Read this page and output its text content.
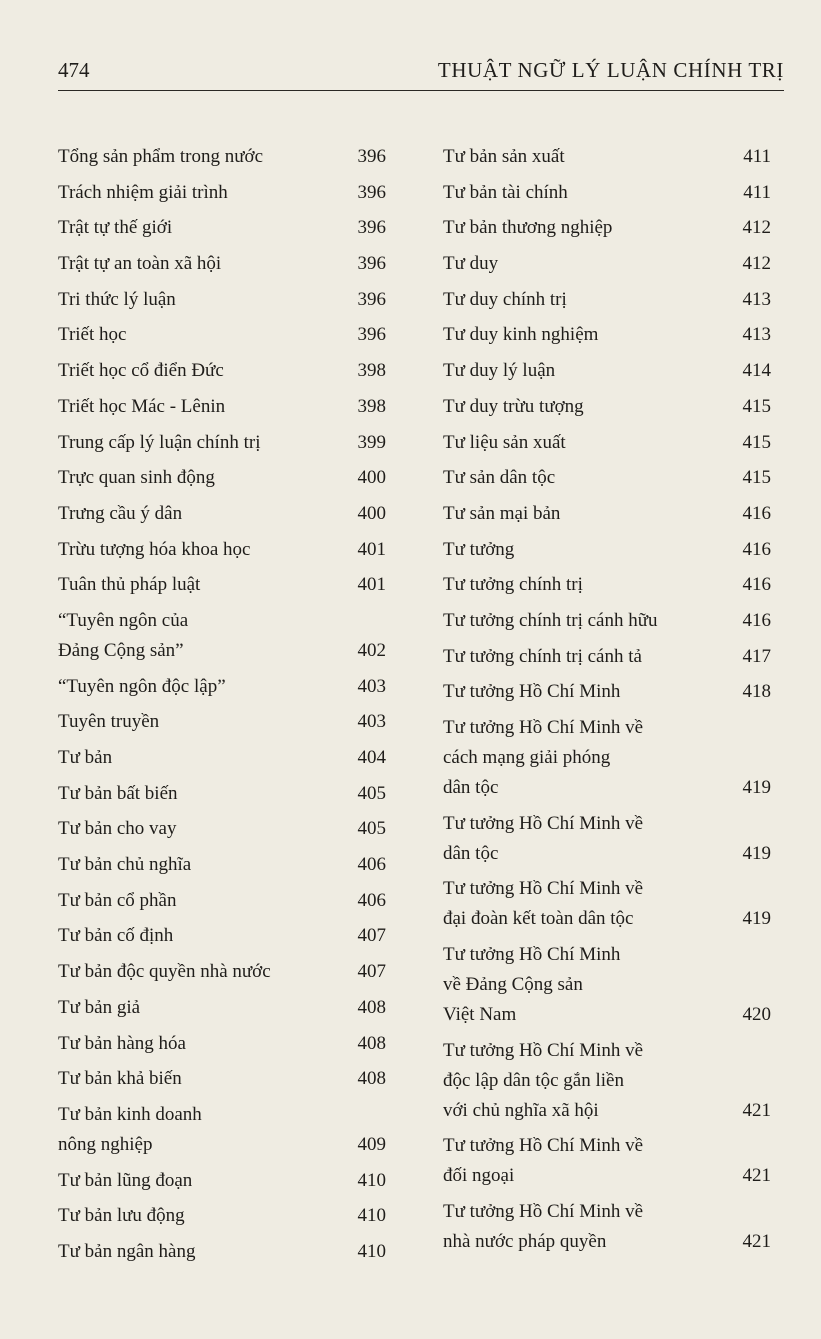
474	THUẬT NGỮ LÝ LUẬN CHÍNH TRỊ
Tổng sản phẩm trong nước	396
Trách nhiệm giải trình	396
Trật tự thế giới	396
Trật tự an toàn xã hội	396
Tri thức lý luận	396
Triết học	396
Triết học cổ điển Đức	398
Triết học Mác - Lênin	398
Trung cấp lý luận chính trị	399
Trực quan sinh động	400
Trưng cầu ý dân	400
Trừu tượng hóa khoa học	401
Tuân thủ pháp luật	401
“Tuyên ngôn của
Đảng Cộng sản”	402
“Tuyên ngôn độc lập”	403
Tuyên truyền	403
Tư bản	404
Tư bản bất biến	405
Tư bản cho vay	405
Tư bản chủ nghĩa	406
Tư bản cổ phần	406
Tư bản cố định	407
Tư bản độc quyền nhà nước	407
Tư bản giả	408
Tư bản hàng hóa	408
Tư bản khả biến	408
Tư bản kinh doanh
nông nghiệp	409
Tư bản lũng đoạn	410
Tư bản lưu động	410
Tư bản ngân hàng	410
Tư bản sản xuất	411
Tư bản tài chính	411
Tư bản thương nghiệp	412
Tư duy	412
Tư duy chính trị	413
Tư duy kinh nghiệm	413
Tư duy lý luận	414
Tư duy trừu tượng	415
Tư liệu sản xuất	415
Tư sản dân tộc	415
Tư sản mại bản	416
Tư tưởng	416
Tư tưởng chính trị	416
Tư tưởng chính trị cánh hữu	416
Tư tưởng chính trị cánh tả	417
Tư tưởng Hồ Chí Minh	418
Tư tưởng Hồ Chí Minh về
cách mạng giải phóng
dân tộc	419
Tư tưởng Hồ Chí Minh về
dân tộc	419
Tư tưởng Hồ Chí Minh về
đại đoàn kết toàn dân tộc	419
Tư tưởng Hồ Chí Minh
về Đảng Cộng sản
Việt Nam	420
Tư tưởng Hồ Chí Minh về
độc lập dân tộc gắn liền
với chủ nghĩa xã hội	421
Tư tưởng Hồ Chí Minh về
đối ngoại	421
Tư tưởng Hồ Chí Minh về
nhà nước pháp quyền	421
